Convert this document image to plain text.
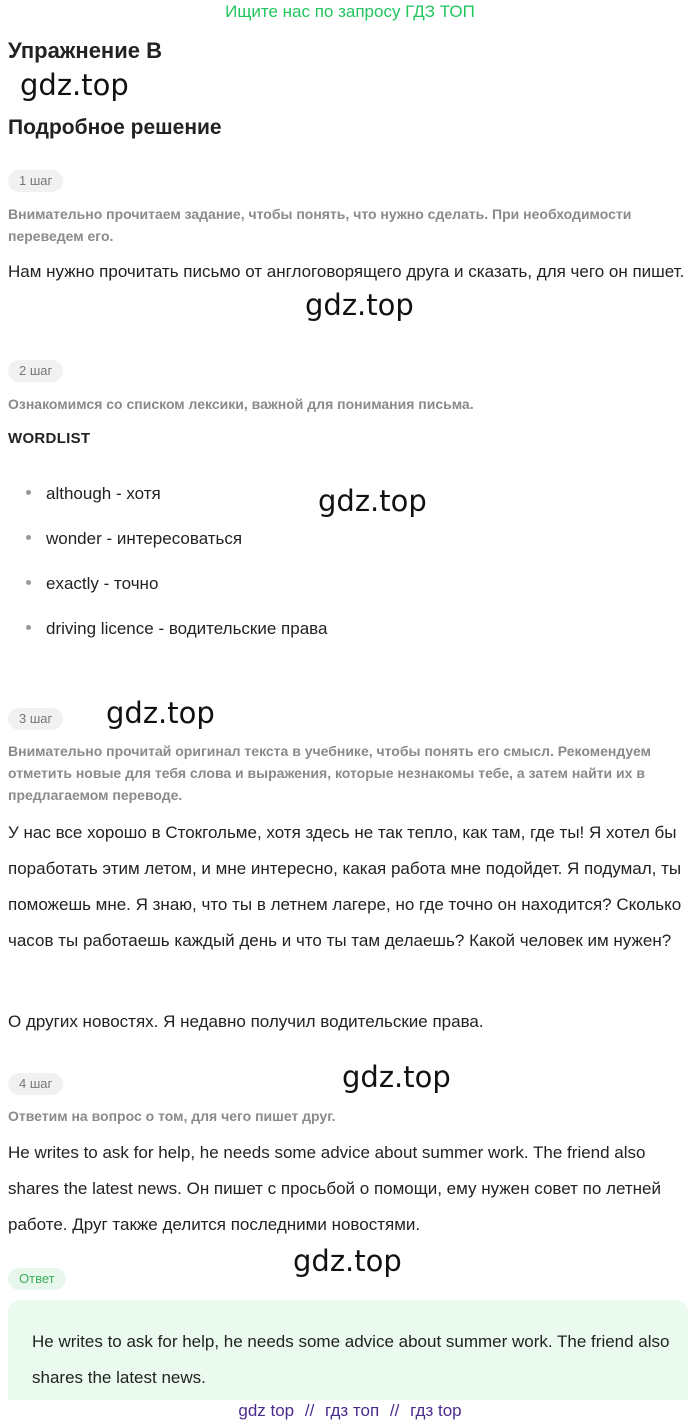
Ищите нас по запросу ГДЗ ТОП
Упражнение B
gdz.top
Подробное решение
1 шаг
Внимательно прочитаем задание, чтобы понять, что нужно сделать. При необходимости переведем его.
Нам нужно прочитать письмо от англоговорящего друга и сказать, для чего он пишет.
gdz.top
2 шаг
Ознакомимся со списком лексики, важной для понимания письма.
WORDLIST
although - хотя
wonder - интересоваться
exactly - точно
driving licence - водительские права
gdz.top
3 шаг	gdz.top
Внимательно прочитай оригинал текста в учебнике, чтобы понять его смысл. Рекомендуем отметить новые для тебя слова и выражения, которые незнакомы тебе, а затем найти их в предлагаемом переводе.
У нас все хорошо в Стокгольме, хотя здесь не так тепло, как там, где ты! Я хотел бы поработать этим летом, и мне интересно, какая работа мне подойдет. Я подумал, ты поможешь мне. Я знаю, что ты в летнем лагере, но где точно он находится? Сколько часов ты работаешь каждый день и что ты там делаешь? Какой человек им нужен?
О других новостях. Я недавно получил водительские права.
4 шаг	gdz.top
Ответим на вопрос о том, для чего пишет друг.
He writes to ask for help, he needs some advice about summer work. The friend also shares the latest news. Он пишет с просьбой о помощи, ему нужен совет по летней работе. Друг также делится последними новостями.
gdz.top
Ответ
He writes to ask for help, he needs some advice about summer work. The friend also shares the latest news.
gdz top // гдз топ // гдз top
